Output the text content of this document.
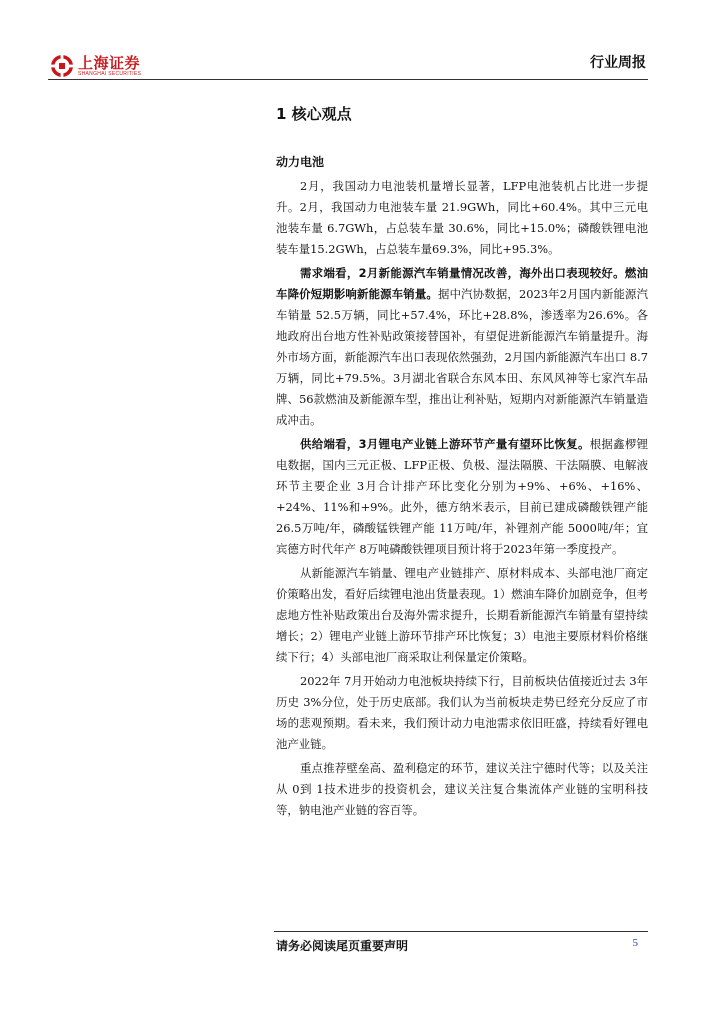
上海证券
SHANGHAI SECURITIES
行业周报
1 核心观点
动力电池

2月，我国动力电池装机量增长显著，LFP电池装机占比进一步提升。2月，我国动力电池装车量 21.9GWh，同比+60.4%。其中三元电池装车量 6.7GWh，占总装车量 30.6%，同比+15.0%；磷酸铁锂电池装车量15.2GWh，占总装车量69.3%，同比+95.3%。

需求端看，2月新能源汽车销量情况改善，海外出口表现较好。燃油车降价短期影响新能源车销量。据中汽协数据，2023年2月国内新能源汽车销量 52.5万辆，同比+57.4%，环比+28.8%，渗透率为26.6%。各地政府出台地方性补贴政策接替国补，有望促进新能源汽车销量提升。海外市场方面，新能源汽车出口表现依然强劲，2月国内新能源汽车出口 8.7万辆，同比+79.5%。3月湖北省联合东风本田、东风风神等七家汽车品牌、56款燃油及新能源车型，推出让利补贴，短期内对新能源汽车销量造成冲击。

供给端看，3月锂电产业链上游环节产量有望环比恢复。根据鑫椤锂电数据，国内三元正极、LFP正极、负极、湿法隔膜、干法隔膜、电解液环节主要企业 3月合计排产环比变化分别为+9%、+6%、+16%、+24%、11%和+9%。此外，德方纳米表示，目前已建成磷酸铁锂产能 26.5万吨/年，磷酸锰铁锂产能 11万吨/年，补锂剂产能 5000吨/年；宜宾德方时代年产 8万吨磷酸铁锂项目预计将于2023年第一季度投产。

从新能源汽车销量、锂电产业链排产、原材料成本、头部电池厂商定价策略出发，看好后续锂电池出货量表现。1）燃油车降价加剧竞争，但考虑地方性补贴政策出台及海外需求提升，长期看新能源汽车销量有望持续增长；2）锂电产业链上游环节排产环比恢复；3）电池主要原材料价格继续下行；4）头部电池厂商采取让利保量定价策略。

2022年 7月开始动力电池板块持续下行，目前板块估值接近过去 3年历史 3%分位，处于历史底部。我们认为当前板块走势已经充分反应了市场的悲观预期。看未来，我们预计动力电池需求依旧旺盛，持续看好锂电池产业链。

重点推荐壁垒高、盈利稳定的环节，建议关注宁德时代等；以及关注从 0到 1技术进步的投资机会，建议关注复合集流体产业链的宝明科技等，钠电池产业链的容百等。

请务必阅读尾页重要声明	5
